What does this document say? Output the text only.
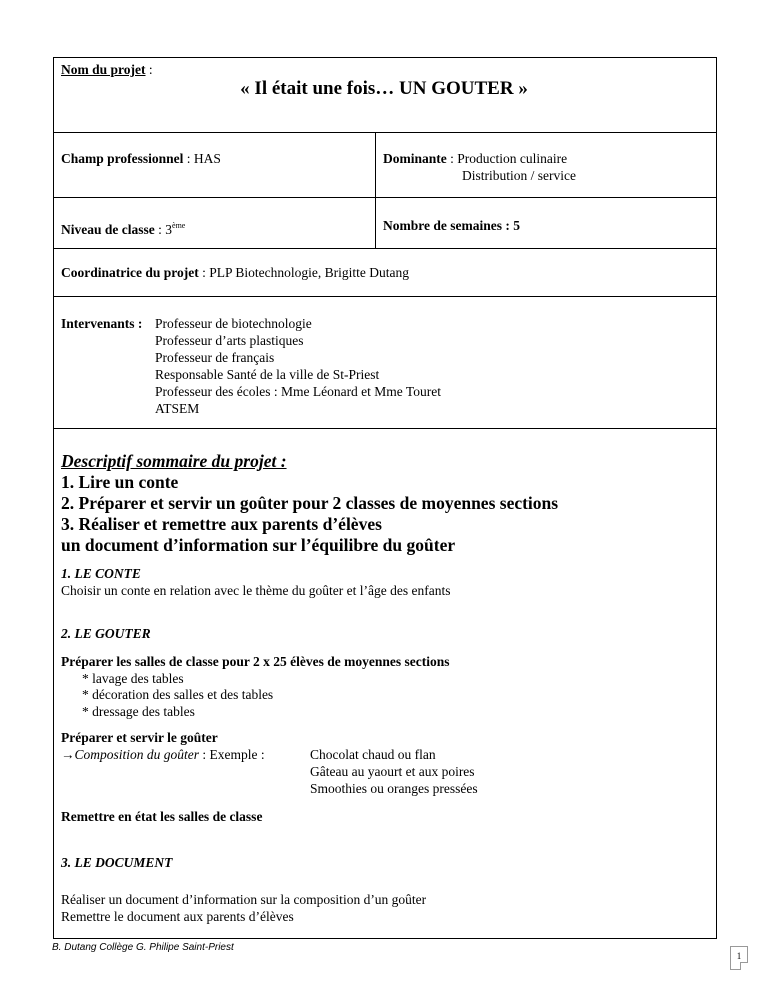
Nom du projet :
« Il était une fois… UN GOUTER »
Champ professionnel : HAS	Dominante : Production culinaire
Distribution / service
Niveau de classe : 3ème	Nombre de semaines : 5
Coordinatrice du projet : PLP Biotechnologie, Brigitte Dutang
Intervenants : Professeur de biotechnologie
Professeur d’arts plastiques
Professeur de français
Responsable Santé de la ville de St-Priest
Professeur des écoles : Mme Léonard et Mme Touret
ATSEM
Descriptif sommaire du projet :
1. Lire un conte
2. Préparer et servir un goûter pour 2 classes de moyennes sections
3. Réaliser et remettre aux parents d’élèves
un document d’information sur l’équilibre du goûter
1. LE CONTE
Choisir un conte en relation avec le thème du goûter et l’âge des enfants
2. LE GOUTER
Préparer les salles de classe pour 2 x 25 élèves de moyennes sections
* lavage des tables
* décoration des salles et des tables
* dressage des tables
Préparer et servir le goûter
→Composition du goûter : Exemple :	Chocolat chaud ou flan
Gâteau au yaourt et aux poires
Smoothies ou oranges pressées
Remettre en état les salles de classe
3. LE DOCUMENT
Réaliser un document d’information sur la composition d’un goûter
Remettre le document aux parents d’élèves
B. Dutang Collège G. Philipe Saint-Priest
1
